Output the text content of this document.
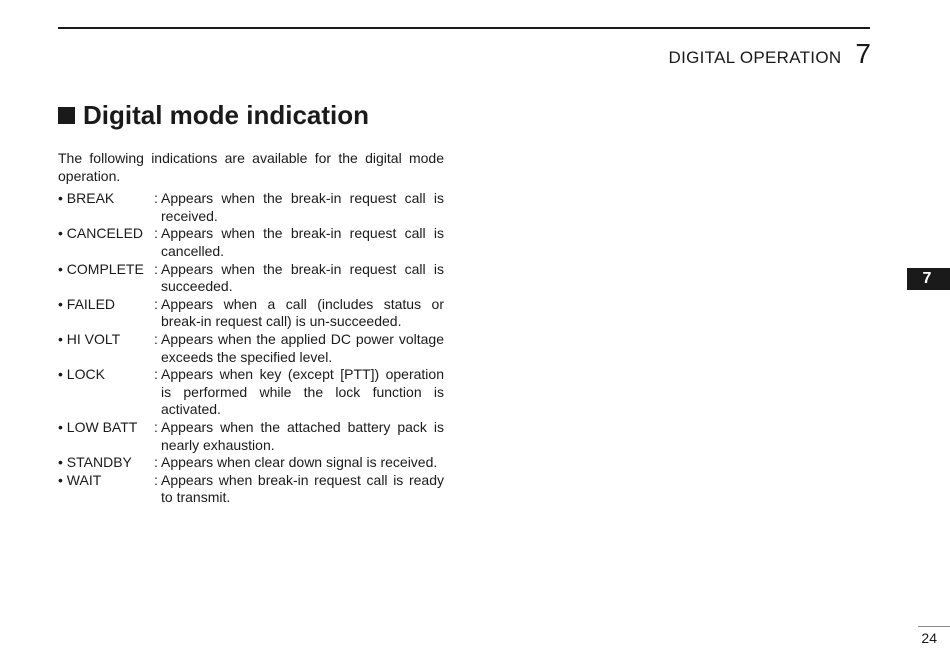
DIGITAL OPERATION 7
Digital mode indication

The following indications are available for the digital mode operation.

• BREAK	: Appears when the break-in request call is received.
• CANCELED : Appears when the break-in request call is cancelled.
• COMPLETE : Appears when the break-in request call is succeeded.
• FAILED	: Appears when a call (includes status or break-in request call) is un-succeeded.
• HI VOLT	: Appears when the applied DC power voltage exceeds the specified level.
• LOCK	: Appears when key (except [PTT]) operation is performed while the lock function is activated.
• LOW BATT	: Appears when the attached battery pack is nearly exhaustion.
• STANDBY	: Appears when clear down signal is received.
• WAIT	: Appears when break-in request call is ready to transmit.
7
24
